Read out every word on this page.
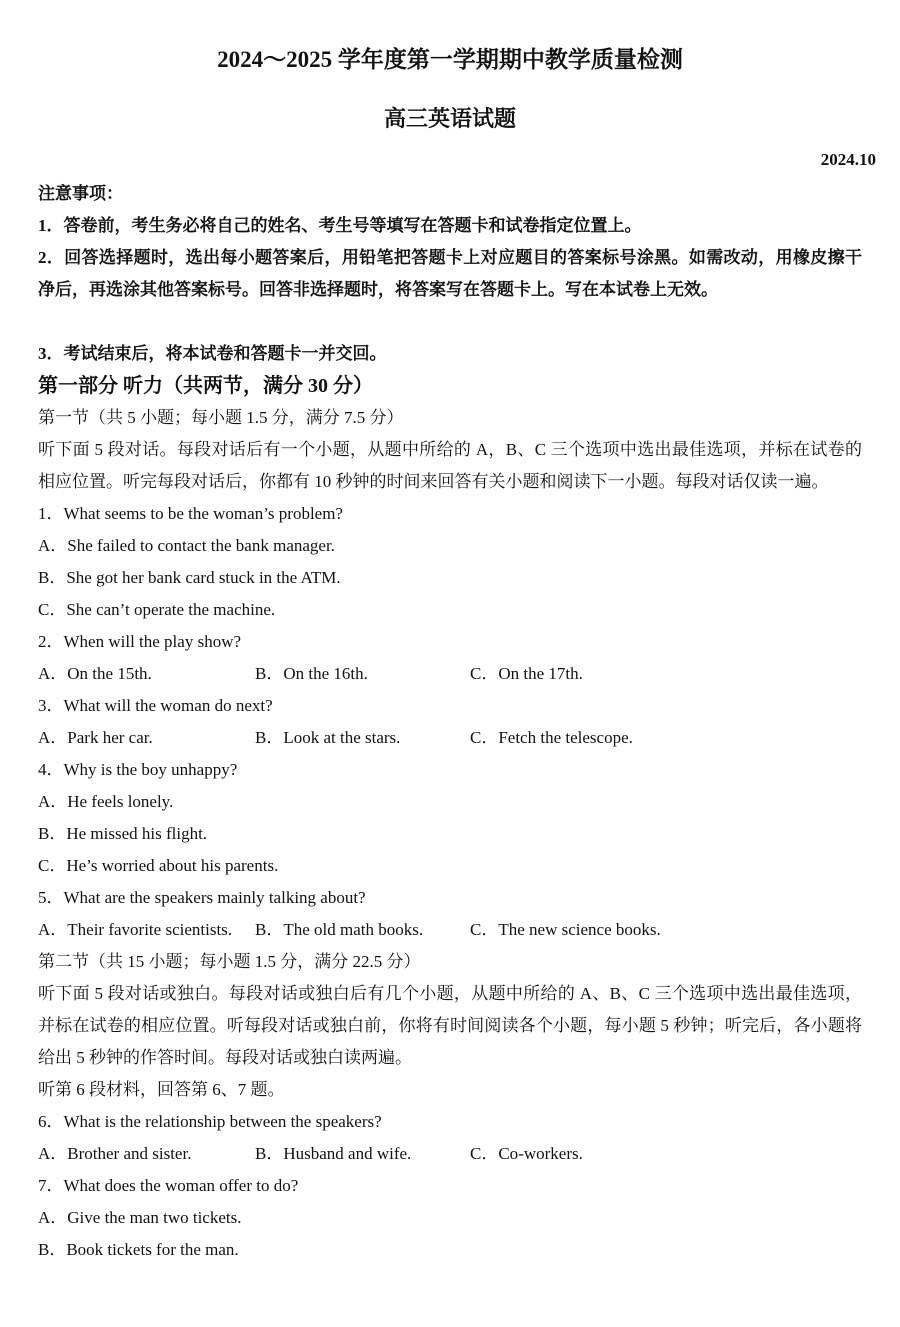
2024～2025 学年度第一学期期中教学质量检测
高三英语试题
2024.10
注意事项：
1．答卷前，考生务必将自己的姓名、考生号等填写在答题卡和试卷指定位置上。
2．回答选择题时，选出每小题答案后，用铅笔把答题卡上对应题目的答案标号涂黑。如需改动，用橡皮擦干净后，再选涂其他答案标号。回答非选择题时，将答案写在答题卡上。写在本试卷上无效。
3．考试结束后，将本试卷和答题卡一并交回。
第一部分 听力（共两节，满分 30 分）
第一节（共 5 小题；每小题 1.5 分，满分 7.5 分）
听下面 5 段对话。每段对话后有一个小题，从题中所给的 A，B、C 三个选项中选出最佳选项，并标在试卷的相应位置。听完每段对话后，你都有 10 秒钟的时间来回答有关小题和阅读下一小题。每段对话仅读一遍。
1．What seems to be the woman’s problem?
A．She failed to contact the bank manager.
B．She got her bank card stuck in the ATM.
C．She can’t operate the machine.
2．When will the play show?
A．On the 15th.	B．On the 16th.	C．On the 17th.
3．What will the woman do next?
A．Park her car.	B．Look at the stars.	C．Fetch the telescope.
4．Why is the boy unhappy?
A．He feels lonely.
B．He missed his flight.
C．He’s worried about his parents.
5．What are the speakers mainly talking about?
A．Their favorite scientists. B．The old math books.	C．The new science books.
第二节（共 15 小题；每小题 1.5 分，满分 22.5 分）
听下面 5 段对话或独白。每段对话或独白后有几个小题，从题中所给的 A、B、C 三个选项中选出最佳选项，并标在试卷的相应位置。听每段对话或独白前，你将有时间阅读各个小题，每小题 5 秒钟；听完后，各小题将给出 5 秒钟的作答时间。每段对话或独白读两遍。
听第 6 段材料，回答第 6、7 题。
6．What is the relationship between the speakers?
A．Brother and sister.	B．Husband and wife.	C．Co-workers.
7．What does the woman offer to do?
A．Give the man two tickets.
B．Book tickets for the man.
